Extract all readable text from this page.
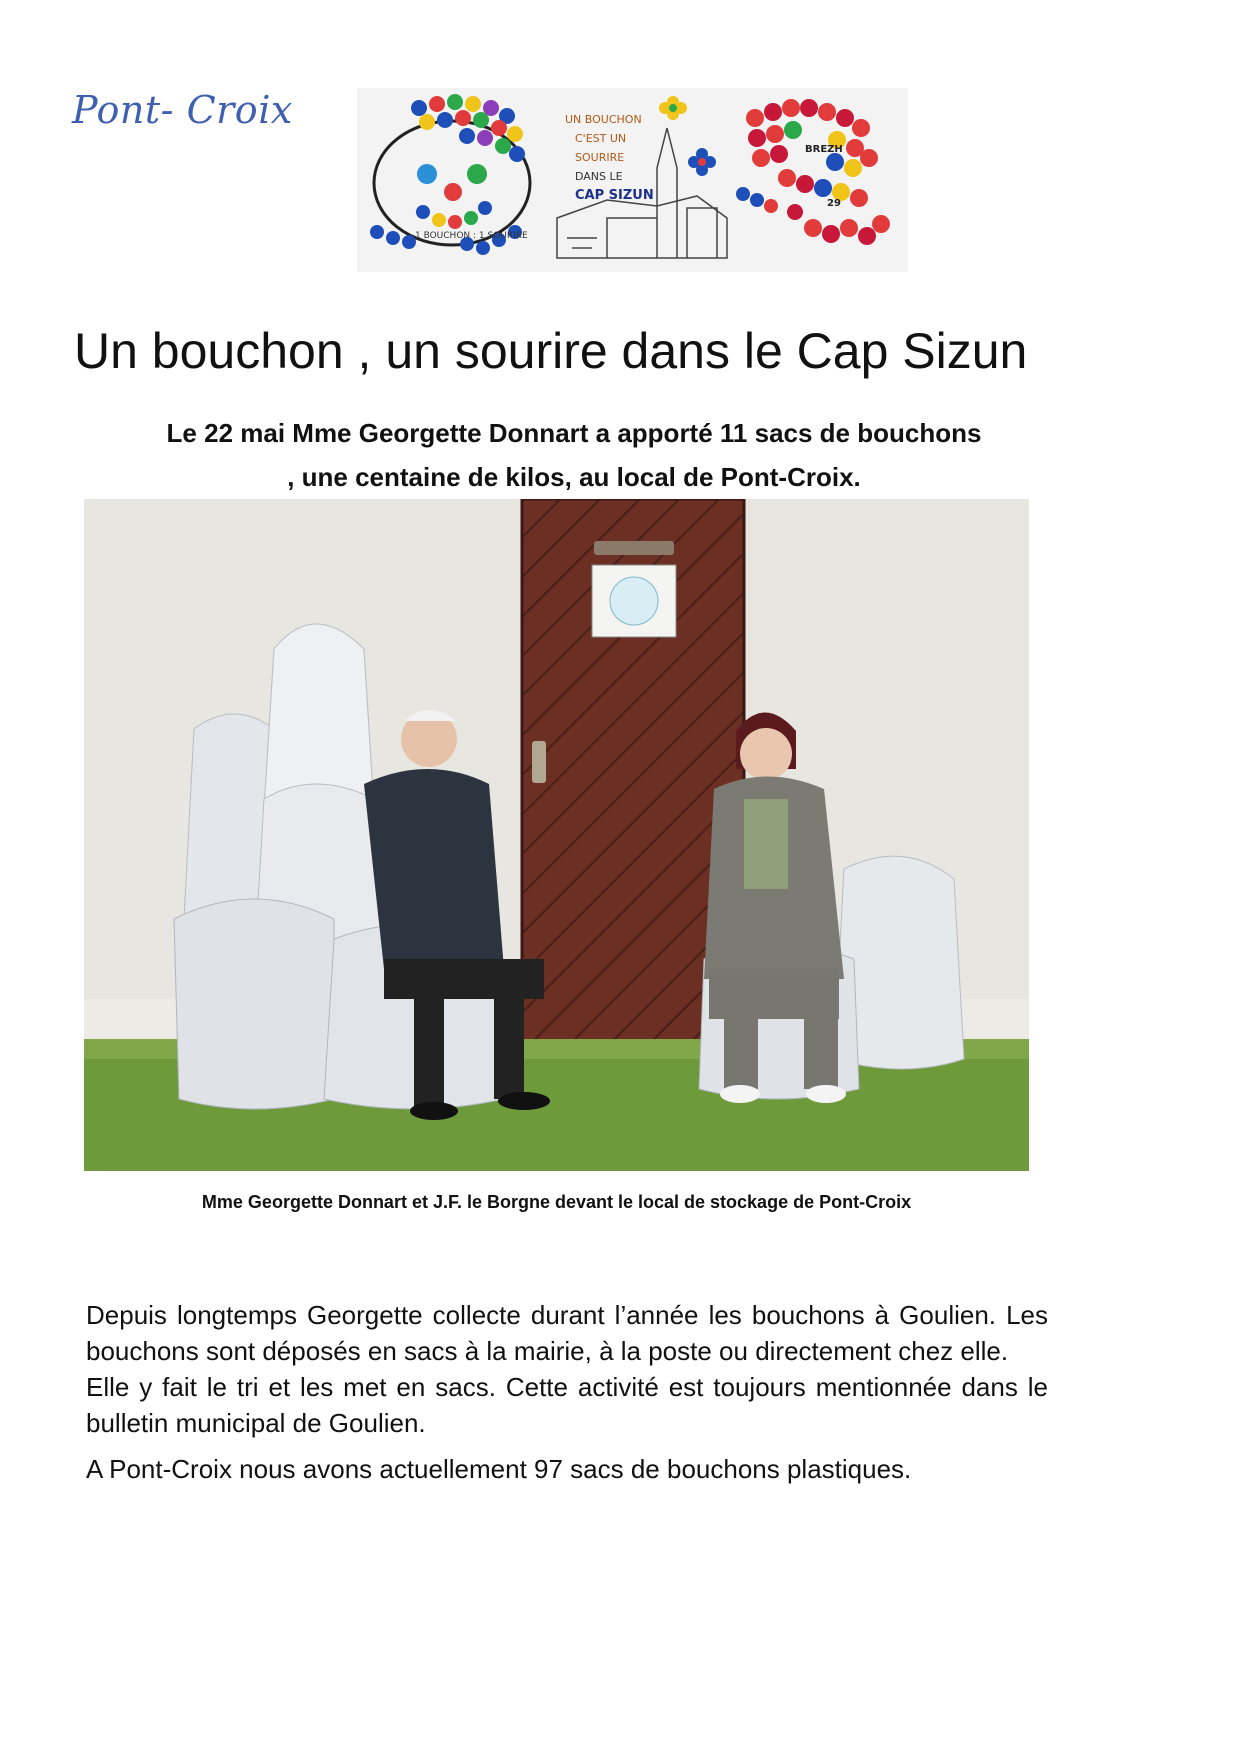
Pont- Croix
1 BOUCHON : 1 SOURIRE
BREZH
29
UN BOUCHON
C'EST UN SOURIRE
DANS LE
CAP SIZUN
Un bouchon , un sourire dans le Cap Sizun
Le 22 mai Mme Georgette Donnart a apporté 11 sacs de bouchons
, une centaine de kilos, au local de Pont-Croix.
Mme Georgette Donnart et J.F. le Borgne devant le local de stockage de Pont-Croix

Depuis longtemps Georgette collecte durant l’année les bouchons à Goulien. Les bouchons sont déposés en sacs à la mairie, à la poste ou directement chez elle.

Elle y fait le tri et les met en sacs. Cette activité est toujours mentionnée dans le bulletin municipal de Goulien.

A Pont-Croix nous avons actuellement 97 sacs de bouchons plastiques.
